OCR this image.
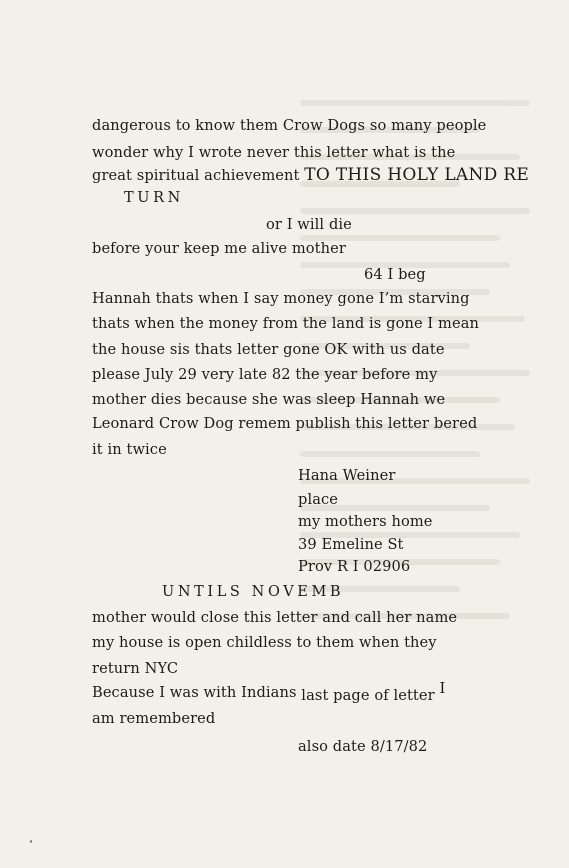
dangerous to know them Crow Dogs so many people
wonder why I wrote never this letter what is the
great spiritual achievement TO THIS HOLY LAND RE
TURN
or I will die
before your keep me alive mother
64 I beg
Hannah thats when I say money gone I’m starving
thats when the money from the land is gone I mean
the house sis thats letter gone OK with us date
please July 29 very late 82 the year before my
mother dies because she was sleep Hannah we
Leonard Crow Dog remem publish this letter bered
it in twice
Hana Weiner
place
my mothers home
39 Emeline St
Prov R I 02906
UNTILS NOVEMB
mother would close this letter and call her name
my house is open childless to them when they
return NYC
Because I was with Indians last page of letter I
am remembered
also date 8/17/82
